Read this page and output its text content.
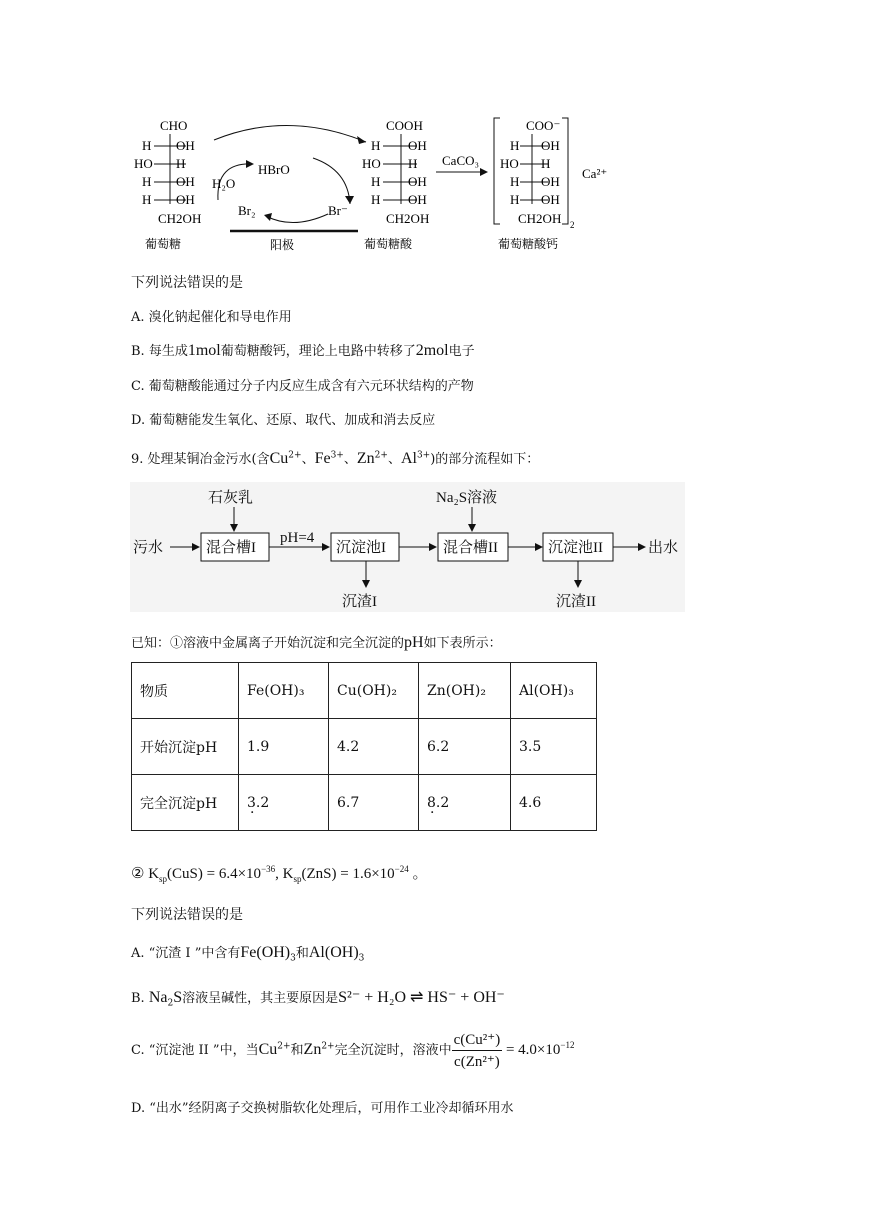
CHO
H OH
HO H
H OH
H OH
CH2OH
葡萄糖
HBrO
H₂O
Br₂	Br⁻
阳极
COOH
H OH
HO H
H OH
H OH
CH2OH
葡萄糖酸
CaCO₃
COO⁻
H OH
HO H
H OH
H OH
CH2OH 2
Ca²⁺
葡萄糖酸钙
下列说法错误的是
A. 溴化钠起催化和导电作用
B. 每生成1mol葡萄糖酸钙，理论上电路中转移了2mol电子
C. 葡萄糖酸能通过分子内反应生成含有六元环状结构的产物
D. 葡萄糖能发生氧化、还原、取代、加成和消去反应
9. 处理某铜冶金污水(含$Cu^{2+}$、$Fe^{3+}$、$Zn^{2+}$、$Al^{3+}$)的部分流程如下：
污水
石灰乳
混合槽I
pH=4
沉淀池I
沉渣I
Na₂S溶液
混合槽II	沉淀池II
沉渣II
出水
已知：①溶液中金属离子开始沉淀和完全沉淀的pH如下表所示：
物质	Fe(OH)₃	Cu(OH)₂	Zn(OH)₂	Al(OH)₃
开始沉淀pH	1.9	4.2	6.2	3.5
完全沉淀pH	3.2 ·	6.7	8.2 ·	4.6
② $K_{sp}(CuS) = 6.4\times 10^{-36}$, $K_{sp}(ZnS) = 1.6\times 10^{-24}$ 。
下列说法错误的是
A. “沉渣 I ”中含有$Fe(OH)_3$和$Al(OH)_3$
B. $Na_2S$溶液呈碱性，其主要原因是S²⁻ + H₂O ⇌ HS⁻ + OH⁻
C. “沉淀池 II ”中，当$Cu^{2+}$和$Zn^{2+}$完全沉淀时，溶液中 $\frac{\text{c(Cu²⁺)}}{\text{c(Zn²⁺)}} = 4.0\times 10^{-12}$
D. “出水”经阴离子交换树脂软化处理后，可用作工业冷却循环用水
